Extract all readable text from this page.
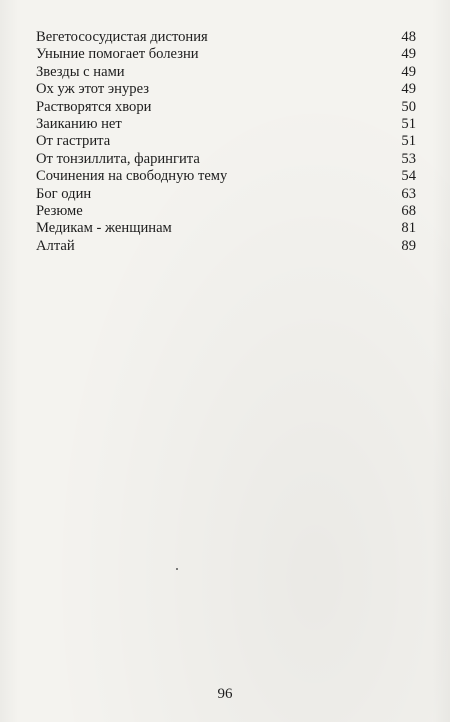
Вегетососудистая дистония	48
Уныние помогает болезни	49
Звезды с нами	49
Ох уж этот энурез	49
Растворятся хвори	50
Заиканию нет	51
От гастрита	51
От тонзиллита, фарингита	53
Сочинения на свободную тему	54
Бог один	63
Резюме	68
Медикам - женщинам	81
Алтай	89
96
